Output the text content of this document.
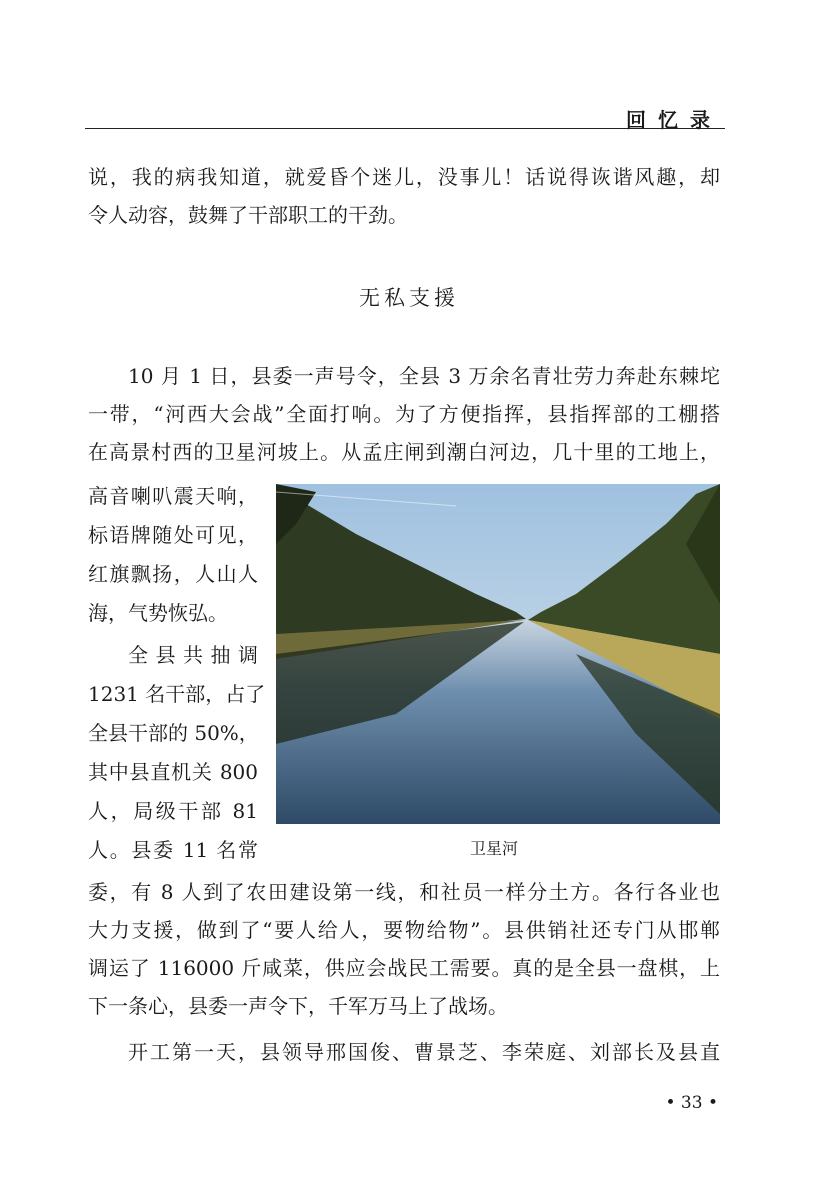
回忆录
说，我的病我知道，就爱昏个迷儿，没事儿！话说得诙谐风趣，却
令人动容，鼓舞了干部职工的干劲。
无私支援
10 月 1 日，县委一声号令，全县 3 万余名青壮劳力奔赴东棘坨
一带，“河西大会战”全面打响。为了方便指挥，县指挥部的工棚搭
在高景村西的卫星河坡上。从孟庄闸到潮白河边，几十里的工地上，
高音喇叭震天响，
标语牌随处可见，
红旗飘扬，人山人
海，气势恢弘。
全县共抽调
1231 名干部，占了
全县干部的 50%，
其中县直机关 800
人，局级干部 81
人。县委 11 名常	卫星河
委，有 8 人到了农田建设第一线，和社员一样分土方。各行各业也
大力支援，做到了“要人给人，要物给物”。县供销社还专门从邯郸
调运了 116000 斤咸菜，供应会战民工需要。真的是全县一盘棋，上
下一条心，县委一声令下，千军万马上了战场。
开工第一天，县领导邢国俊、曹景芝、李荣庭、刘部长及县直
• 33 •
